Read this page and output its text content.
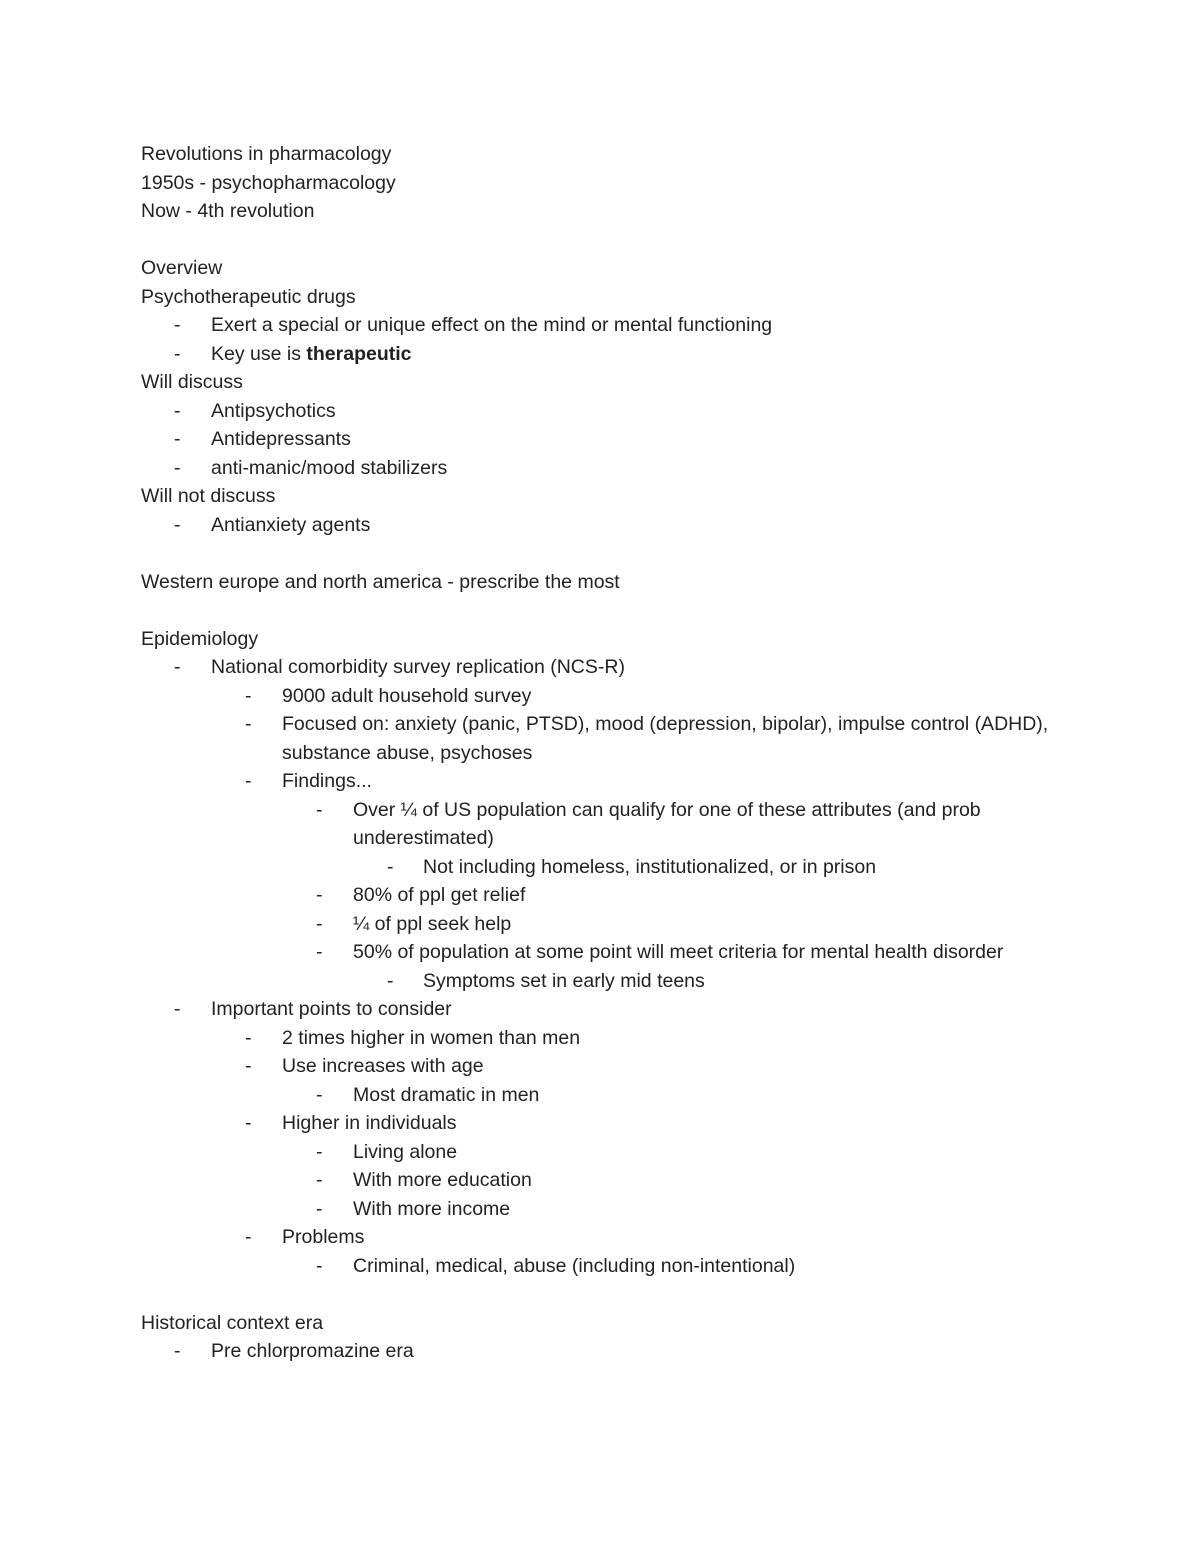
Revolutions in pharmacology
1950s - psychopharmacology
Now - 4th revolution
Overview
Psychotherapeutic drugs
- Exert a special or unique effect on the mind or mental functioning
- Key use is therapeutic
Will discuss
- Antipsychotics
- Antidepressants
- anti-manic/mood stabilizers
Will not discuss
- Antianxiety agents
Western europe and north america - prescribe the most
Epidemiology
- National comorbidity survey replication (NCS-R)
- 9000 adult household survey
- Focused on: anxiety (panic, PTSD), mood (depression, bipolar), impulse control (ADHD), substance abuse, psychoses
- Findings...
- Over ¼ of US population can qualify for one of these attributes (and prob underestimated)
- Not including homeless, institutionalized, or in prison
- 80% of ppl get relief
- ¼ of ppl seek help
- 50% of population at some point will meet criteria for mental health disorder
- Symptoms set in early mid teens
- Important points to consider
- 2 times higher in women than men
- Use increases with age
- Most dramatic in men
- Higher in individuals
- Living alone
- With more education
- With more income
- Problems
- Criminal, medical, abuse (including non-intentional)
Historical context era
- Pre chlorpromazine era
